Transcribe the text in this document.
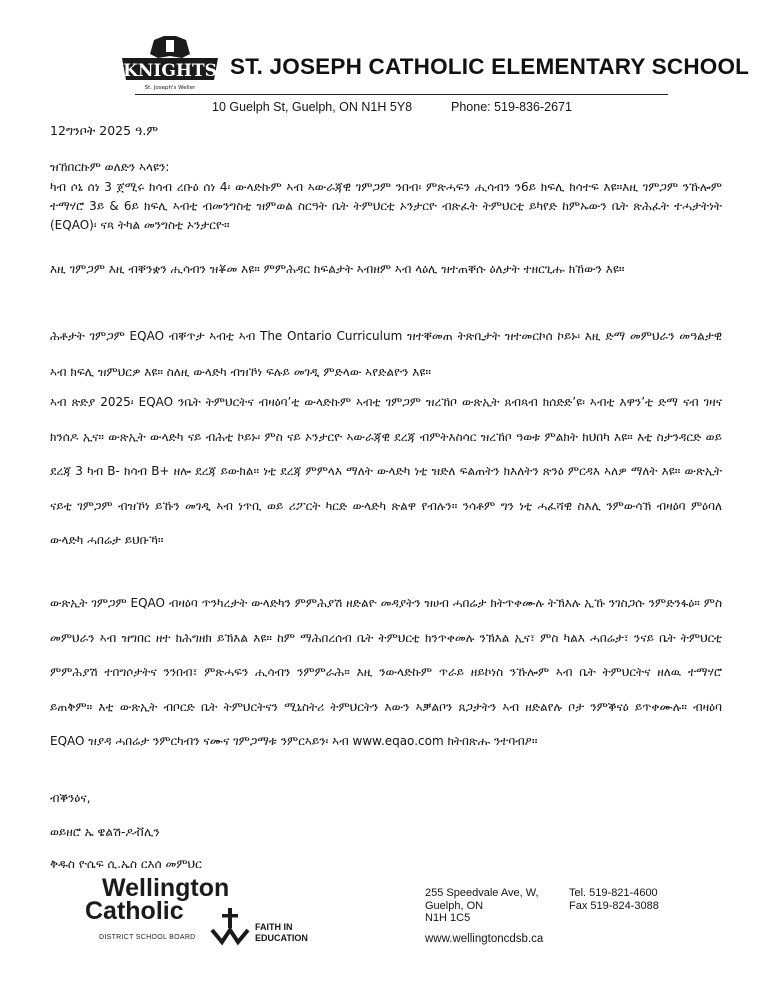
KNIGHTS
St. Joseph's Weller
ST. JOSEPH CATHOLIC ELEMENTARY SCHOOL
10 Guelph St, Guelph, ON N1H 5Y8	Phone: 519-836-2671
12ግንቦት 2025 ዓ.ም
ዝኸበርኩም ወለድን ኣላዩን:
ካብ ሶኒ ሰነ 3 ጀሚሩ ክሳብ ረቡዕ ሰነ 4፡ ውላድኩም ኣብ ኣውራጃዊ ገምጋም ንበብ፡ ምጽሓፍን ሒሳብን ን6ይ ክፍሊ ክሳተፍ እዩ።እዚ ገምጋም ንኹሎም ተማሃሮ 3ይ & 6ይ ክፍሊ ኣብቲ ብመንግስቲ ዝምወል ስርዓት ቤት ትምህርቲ ኦንታርዮ ብጽፈት ትምህርቲ ይካየድ ከምኡውን ቤት ጽሕፈት ተሓታትነት (EQAO)፡ ናጻ ትካል መንግስቲ ኦንታርዮ።
እዚ ገምጋም እዚ ብቐንቋን ሒሳብን ዝቖመ እዩ። ምምሕዳር ክፍልታት ኣብዘም ኣብ ላዕሊ ዝተጠቐሱ ዕለታት ተዘርጊሑ ክኸውን እዩ።
ሕቶታት ገምጋም EQAO ብቐጥታ ኣብቲ ኣብ The Ontario Curriculum ዝተቐመጠ ትጽቢታት ዝተመርኮሰ ኮይኑ፡ እዚ ድማ መምህራን መዓልታዊ ኣብ ክፍሊ ዝምህርዎ እዩ። ስለዚ ውላድካ ብዝኾነ ፍሉይ መገዲ ምድላው ኣየድልዮን እዩ።
ኣብ ጽድያ 2025፡ EQAO ንቤት ትምህርትና ብዛዕባ’ቲ ውላድኩም ኣብቲ ገምጋም ዝረኸቦ ውጽኢት ጸብጻብ ክሰድድ’ዩ፡ ኣብቲ እዋን’ቲ ድማ ናብ ገዛና ክንሰዶ ኢና። ውጽኢት ውላድካ ናይ ብሕቲ ኮይኑ፡ ምስ ናይ ኦንታርዮ ኣውራጃዊ ደረጃ ብምትእስሳር ዝረኸቦ ዓወቱ ምልክት ክህበካ እዩ። እቲ ስታንዳርድ ወይ ደረጃ 3 ካብ B- ክሳብ B+ ዘሎ ደረጃ ይውክል። ነቲ ደረጃ ምምላእ ማለት ውላድካ ነቲ ዝድለ ፍልጠትን ክእለትን ጽንዕ ምርዳእ ኣለዎ ማለት እዩ። ውጽኢት ናይቲ ገምጋም ብዝኾነ ይኹን መገዲ ኣብ ነጥቢ ወይ ሪፖርት ካርድ ውላድካ ጽልዋ የብሉን። ንሳቶም ግን ነቲ ሓፈሻዊ ስእሊ ንምውሳኽ ብዛዕባ ምዕባለ ውላድካ ሓበሬታ ይህቡኻ።
ውጽኢት ገምጋም EQAO ብዛዕባ ጥንካረታት ውላድካን ምምሕያሽ ዘድልዮ መዳያትን ዝሀብ ሓበሬታ ክትጥቀሙሉ ትኽእሉ ኢኹ ንገስጋሱ ንምድንፋዕ። ምስ መምህራን ኣብ ዝግበር ዘተ ክሕግዘክ ይኽእል እዩ። ከም ማሕበረሰብ ቤት ትምህርቲ ክንጥቀመሉ ንኽእል ኢና፣ ምስ ካልእ ሓበሬታ፣ ንናይ ቤት ትምህርቲ ምምሕያሽ ተበግሶታትና ንንበብ፣ ምጽሓፍን ሒሳብን ንምምራሕ። እዚ ንውላድኩም ጥራይ ዘይኮነስ ንኹሎም ኣብ ቤት ትምህርትና ዘለዉ ተማሃሮ ይጠቅም። እቲ ውጽኢት ብቦርድ ቤት ትምህርትናን ሚኒስትሪ ትምህርትን እውን ኣቓልቦን ጸጋታትን ኣብ ዘድልየሉ ቦታ ንምቕናዕ ይጥቀሙሉ። ብዛዕባ EQAO ዝያዳ ሓበሬታ ንምርካብን ናሙና ገምጋማቱ ንምርኣይን፡ ኣብ www.eqao.com ክትበጽሑ ንተባብዖ።
ብቕንዕና,
ወይዘሮ ኤ ዌልሽ-ዶቭሊን
ቅዱስ ዮሴፍ ሲ.ኤስ ርእሰ መምህር
Wellington
Catholic
DISTRICT SCHOOL BOARD
FAITH IN
EDUCATION
255 Speedvale Ave, W,
Guelph, ON
N1H 1C5
Tel. 519-821-4600
Fax 519-824-3088
www.wellingtoncdsb.ca
